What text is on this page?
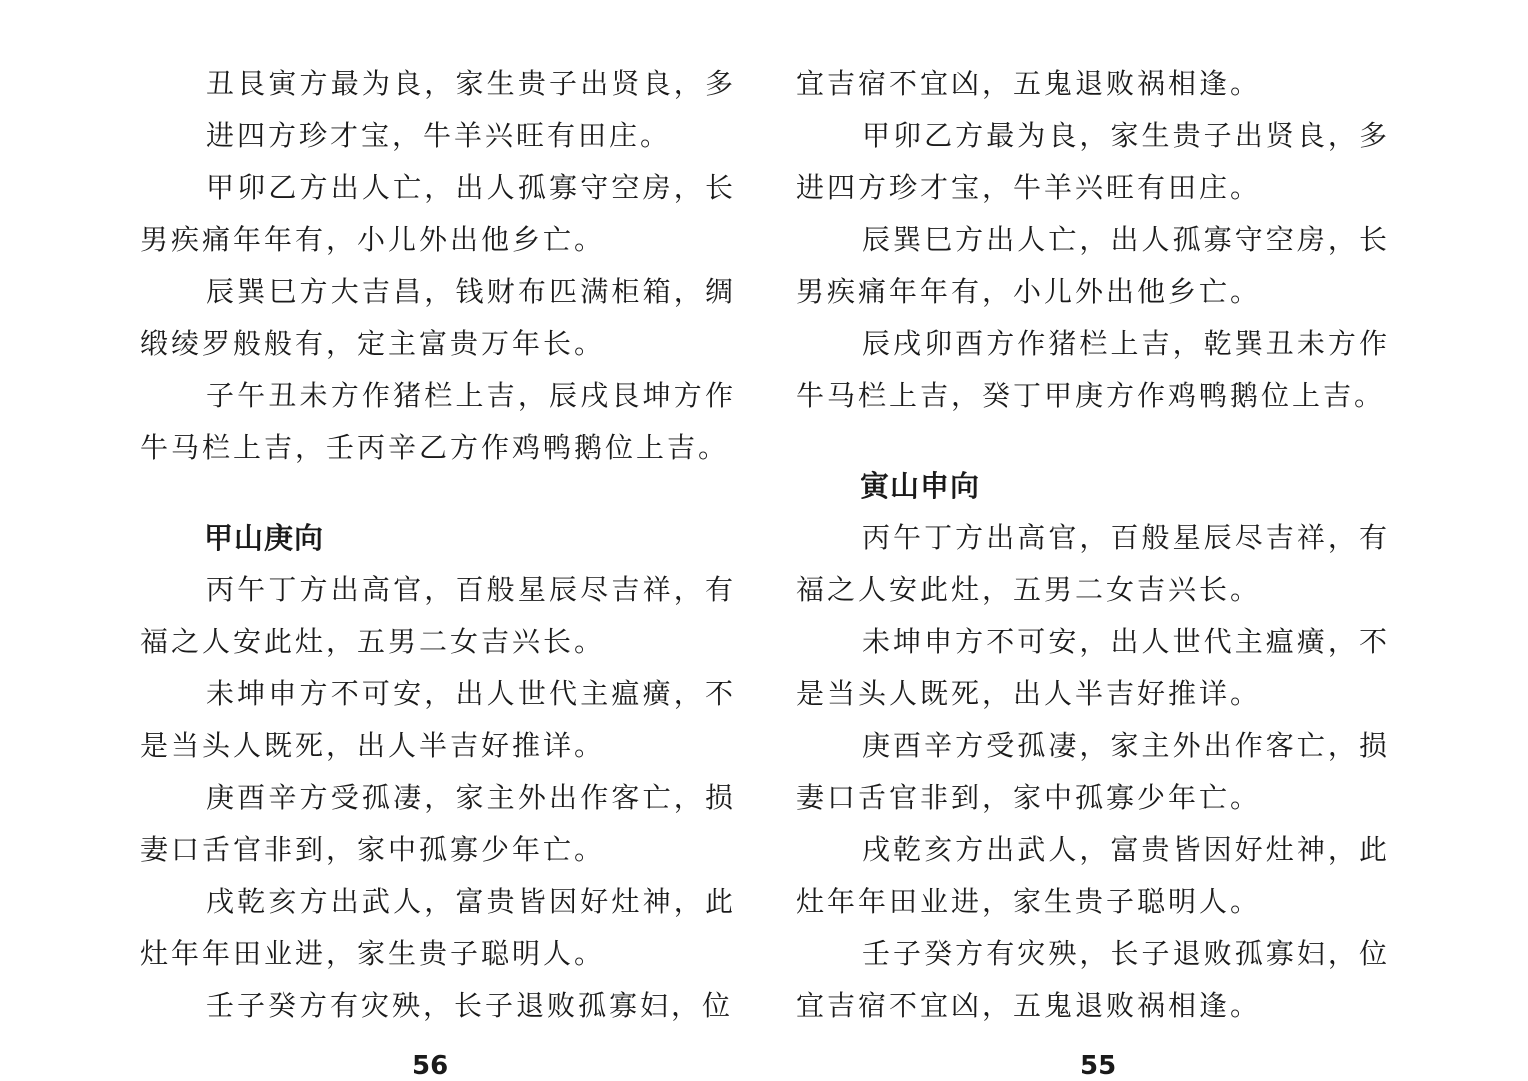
丑艮寅方最为良，家生贵子出贤良，多进四方珍才宝，牛羊兴旺有田庄。

甲卯乙方出人亡，出人孤寡守空房，长男疾痛年年有，小儿外出他乡亡。

辰巽巳方大吉昌，钱财布匹满柜箱，绸缎绫罗般般有，定主富贵万年长。

子午丑未方作猪栏上吉，辰戌艮坤方作牛马栏上吉，壬丙辛乙方作鸡鸭鹅位上吉。

甲山庚向

丙午丁方出高官，百般星辰尽吉祥，有福之人安此灶，五男二女吉兴长。

未坤申方不可安，出人世代主瘟癀，不是当头人既死，出人半吉好推详。

庚酉辛方受孤凄，家主外出作客亡，损妻口舌官非到，家中孤寡少年亡。

戌乾亥方出武人，富贵皆因好灶神，此灶年年田业进，家生贵子聪明人。

壬子癸方有灾殃，长子退败孤寡妇，位

宜吉宿不宜凶，五鬼退败祸相逢。

甲卯乙方最为良，家生贵子出贤良，多进四方珍才宝，牛羊兴旺有田庄。

辰巽巳方出人亡，出人孤寡守空房，长男疾痛年年有，小儿外出他乡亡。

辰戌卯酉方作猪栏上吉，乾巽丑未方作牛马栏上吉，癸丁甲庚方作鸡鸭鹅位上吉。

寅山申向

丙午丁方出高官，百般星辰尽吉祥，有福之人安此灶，五男二女吉兴长。

未坤申方不可安，出人世代主瘟癀，不是当头人既死，出人半吉好推详。

庚酉辛方受孤凄，家主外出作客亡，损妻口舌官非到，家中孤寡少年亡。

戌乾亥方出武人，富贵皆因好灶神，此灶年年田业进，家生贵子聪明人。

壬子癸方有灾殃，长子退败孤寡妇，位宜吉宿不宜凶，五鬼退败祸相逢。

56	55
